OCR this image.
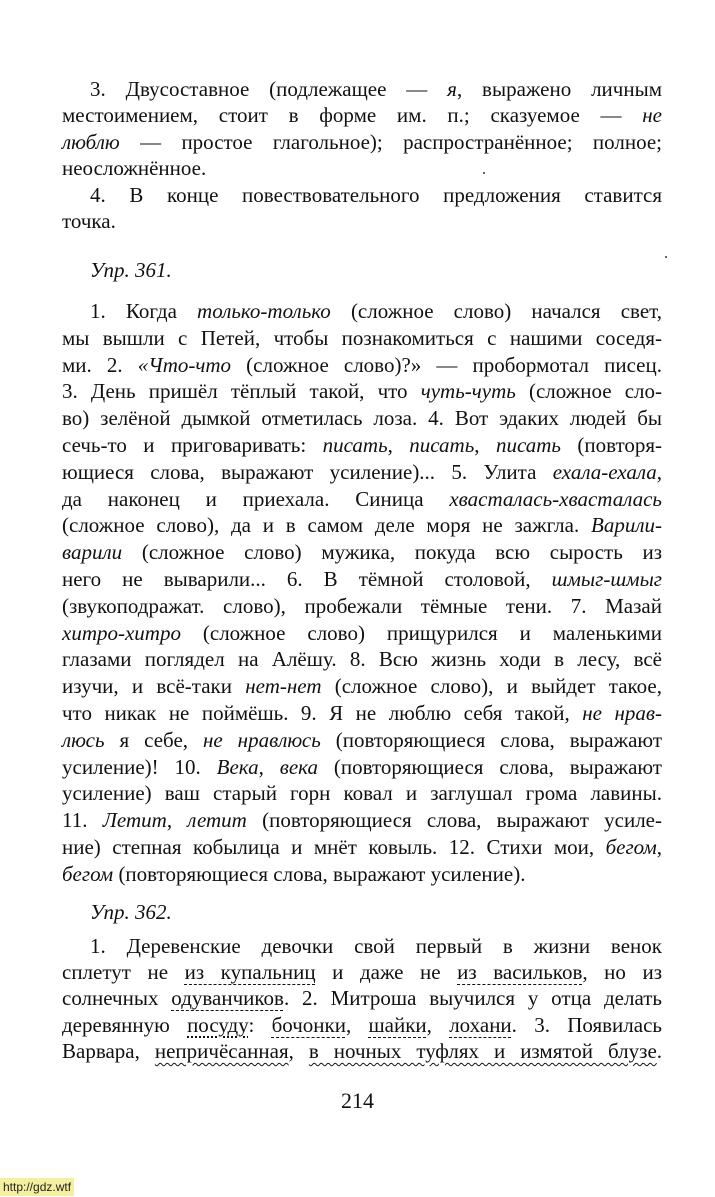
3. Двусоставное (подлежащее — я, выражено личным
местоимением, стоит в форме им. п.; сказуемое — не
люблю — простое глагольное); распространённое; полное;
неосложнённое.
4. В конце повествовательного предложения ставится
точка.
Упр. 361.
1. Когда только-только (сложное слово) начался свет,
мы вышли с Петей, чтобы познакомиться с нашими соседя-
ми. 2. «Что-что (сложное слово)?» — пробормотал писец.
3. День пришёл тёплый такой, что чуть-чуть (сложное сло-
во) зелёной дымкой отметилась лоза. 4. Вот эдаких людей бы
сечь-то и приговаривать: писать, писать, писать (повторя-
ющиеся слова, выражают усиление)... 5. Улита ехала-ехала,
да наконец и приехала. Синица хвасталась-хвасталась
(сложное слово), да и в самом деле моря не зажгла. Варили-
варили (сложное слово) мужика, покуда всю сырость из
него не выварили... 6. В тёмной столовой, шмыг-шмыг
(звукоподражат. слово), пробежали тёмные тени. 7. Мазай
хитро-хитро (сложное слово) прищурился и маленькими
глазами поглядел на Алёшу. 8. Всю жизнь ходи в лесу, всё
изучи, и всё-таки нет-нет (сложное слово), и выйдет такое,
что никак не поймёшь. 9. Я не люблю себя такой, не нрав-
люсь я себе, не нравлюсь (повторяющиеся слова, выражают
усиление)! 10. Века, века (повторяющиеся слова, выражают
усиление) ваш старый горн ковал и заглушал грома лавины.
11. Летит, летит (повторяющиеся слова, выражают усиле-
ние) степная кобылица и мнёт ковыль. 12. Стихи мои, бегом,
бегом (повторяющиеся слова, выражают усиление).
Упр. 362.
1. Деревенские девочки свой первый в жизни венок
сплетут не из купальниц и даже не из васильков, но из
солнечных одуванчиков. 2. Митроша выучился у отца делать
деревянную посуду: бочонки, шайки, лохани. 3. Появилась
Варвара, непричёсанная, в ночных туфлях и измятой блузе.
214
http://gdz.wtf
